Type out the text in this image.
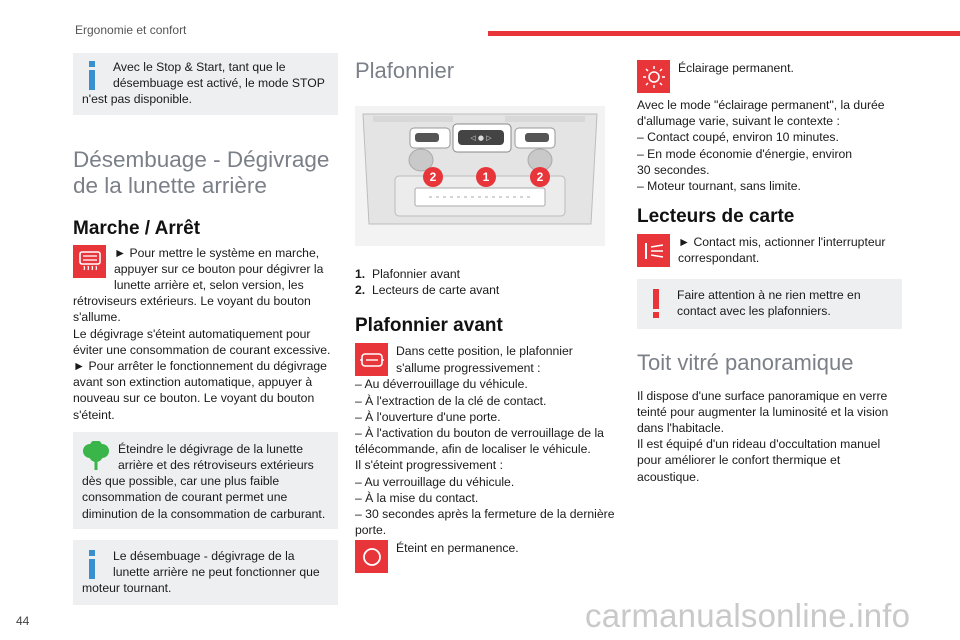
Ergonomie et confort

Avec le Stop & Start, tant que le désembuage est activé, le mode STOP n'est pas disponible.

Désembuage - Dégivrage de la lunette arrière
Marche / Arrêt

► Pour mettre le système en marche, appuyer sur ce bouton pour dégivrer la lunette arrière et, selon version, les rétroviseurs extérieurs. Le voyant du bouton s'allume.

Le dégivrage s'éteint automatiquement pour éviter une consommation de courant excessive.

► Pour arrêter le fonctionnement du dégivrage avant son extinction automatique, appuyer à nouveau sur ce bouton. Le voyant du bouton s'éteint.

Éteindre le dégivrage de la lunette arrière et des rétroviseurs extérieurs dès que possible, car une plus faible consommation de courant permet une diminution de la consommation de carburant.

Le désembuage - dégivrage de la lunette arrière ne peut fonctionner que moteur tournant.

Plafonnier
◁ ● ▷
2	1	2

1. Plafonnier avant

2. Lecteurs de carte avant

Plafonnier avant

Dans cette position, le plafonnier s'allume progressivement :

– Au déverrouillage du véhicule.

– À l'extraction de la clé de contact.

– À l'ouverture d'une porte.

– À l'activation du bouton de verrouillage de la télécommande, afin de localiser le véhicule.

Il s'éteint progressivement :

– Au verrouillage du véhicule.

– À la mise du contact.

– 30 secondes après la fermeture de la dernière porte.

Éteint en permanence.

Éclairage permanent.

Avec le mode "éclairage permanent", la durée d'allumage varie, suivant le contexte :

– Contact coupé, environ 10 minutes.

– En mode économie d'énergie, environ 30 secondes.

– Moteur tournant, sans limite.

Lecteurs de carte

► Contact mis, actionner l'interrupteur correspondant.

Faire attention à ne rien mettre en contact avec les plafonniers.

Toit vitré panoramique

Il dispose d'une surface panoramique en verre teinté pour augmenter la luminosité et la vision dans l'habitacle.

Il est équipé d'un rideau d'occultation manuel pour améliorer le confort thermique et acoustique.

44	carmanualsonline.info
